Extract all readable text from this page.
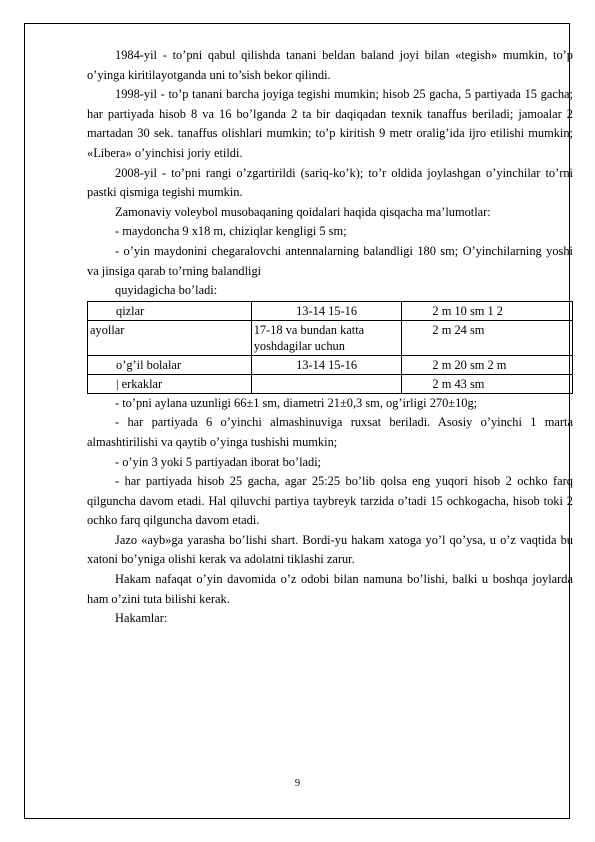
1984-yil - to’pni qabul qilishda tanani beldan baland joyi bilan «tegish» mumkin, to’p o’yinga kiritilayotganda uni to’sish bekor qilindi.

1998-yil - to’p tanani barcha joyiga tegishi mumkin; hisob 25 gacha, 5 partiyada 15 gacha; har partiyada hisob 8 va 16 bo’lganda 2 ta bir daqiqadan texnik tanaffus beriladi; jamoalar 2 martadan 30 sek. tanaffus olishlari mumkin; to’p kiritish 9 metr oralig’ida ijro etilishi mumkin; «Libera» o’yinchisi joriy etildi.

2008-yil - to’pni rangi o’zgartirildi (sariq-ko’k); to’r oldida joylashgan o’yinchilar to’rni pastki qismiga tegishi mumkin.

Zamonaviy voleybol musobaqaning qoidalari haqida qisqacha ma’lumotlar:

- maydoncha 9 x18 m, chiziqlar kengligi 5 sm;

- o’yin maydonini chegaralovchi antennalarning balandligi 180 sm; O’yinchilarning yoshi va jinsiga qarab to’rning balandligi

quyidagicha bo’ladi:

qizlar	13-14 15-16	2 m 10 sm 1 2
ayollar	17-18 va bundan katta yoshdagilar uchun	2 m 24 sm
o’g’il bolalar	13-14 15-16	2 m 20 sm 2 m
| erkaklar		2 m 43 sm

- to’pni aylana uzunligi 66±1 sm, diametri 21±0,3 sm, og’irligi 270±10g;

- har partiyada 6 o’yinchi almashinuviga ruxsat beriladi. Asosiy o’yinchi 1 marta almashtirilishi va qaytib o’yinga tushishi mumkin;

- o’yin 3 yoki 5 partiyadan iborat bo’ladi;

- har partiyada hisob 25 gacha, agar 25:25 bo’lib qolsa eng yuqori hisob 2 ochko farq qilguncha davom etadi. Hal qiluvchi partiya taybreyk tarzida o’tadi 15 ochkogacha, hisob toki 2 ochko farq qilguncha davom etadi.

Jazo «ayb»ga yarasha bo’lishi shart. Bordi-yu hakam xatoga yo’l qo’ysa, u o’z vaqtida bu xatoni bo’yniga olishi kerak va adolatni tiklashi zarur.

Hakam nafaqat o’yin davomida o’z odobi bilan namuna bo’lishi, balki u boshqa joylarda ham o’zini tuta bilishi kerak.

Hakamlar:

9
